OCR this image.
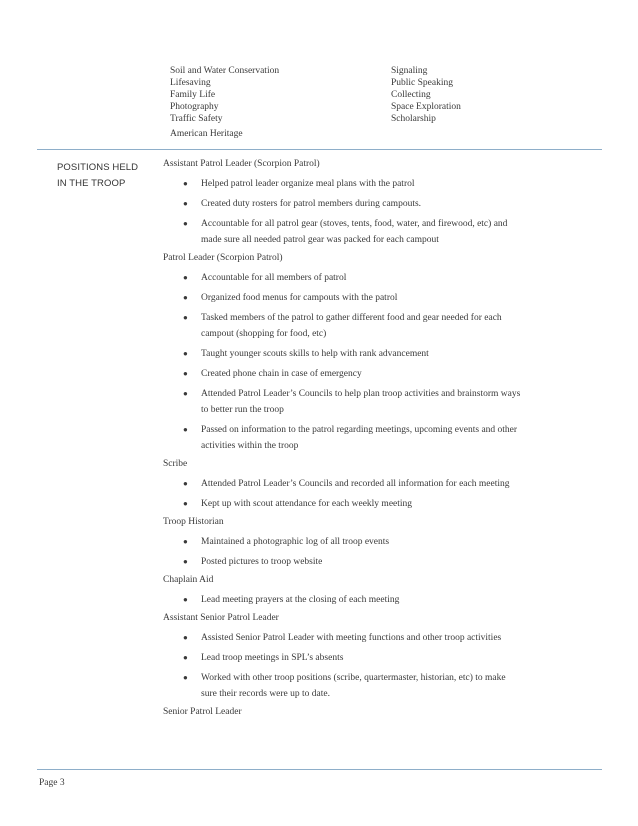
Soil and Water Conservation
Lifesaving
Family Life
Photography
Traffic Safety
American Heritage
Signaling
Public Speaking
Collecting
Space Exploration
Scholarship
POSITIONS HELD
IN THE TROOP
Assistant Patrol Leader (Scorpion Patrol)
● Helped patrol leader organize meal plans with the patrol
● Created duty rosters for patrol members during campouts.
● Accountable for all patrol gear (stoves, tents, food, water, and firewood, etc) and made sure all needed patrol gear was packed for each campout
Patrol Leader (Scorpion Patrol)
● Accountable for all members of patrol
● Organized food menus for campouts with the patrol
● Tasked members of the patrol to gather different food and gear needed for each campout (shopping for food, etc)
● Taught younger scouts skills to help with rank advancement
● Created phone chain in case of emergency
● Attended Patrol Leader’s Councils to help plan troop activities and brainstorm ways to better run the troop
● Passed on information to the patrol regarding meetings, upcoming events and other activities within the troop
Scribe
● Attended Patrol Leader’s Councils and recorded all information for each meeting
● Kept up with scout attendance for each weekly meeting
Troop Historian
● Maintained a photographic log of all troop events
● Posted pictures to troop website
Chaplain Aid
● Lead meeting prayers at the closing of each meeting
Assistant Senior Patrol Leader
● Assisted Senior Patrol Leader with meeting functions and other troop activities
● Lead troop meetings in SPL’s absents
● Worked with other troop positions (scribe, quartermaster, historian, etc) to make sure their records were up to date.
Senior Patrol Leader
Page 3
